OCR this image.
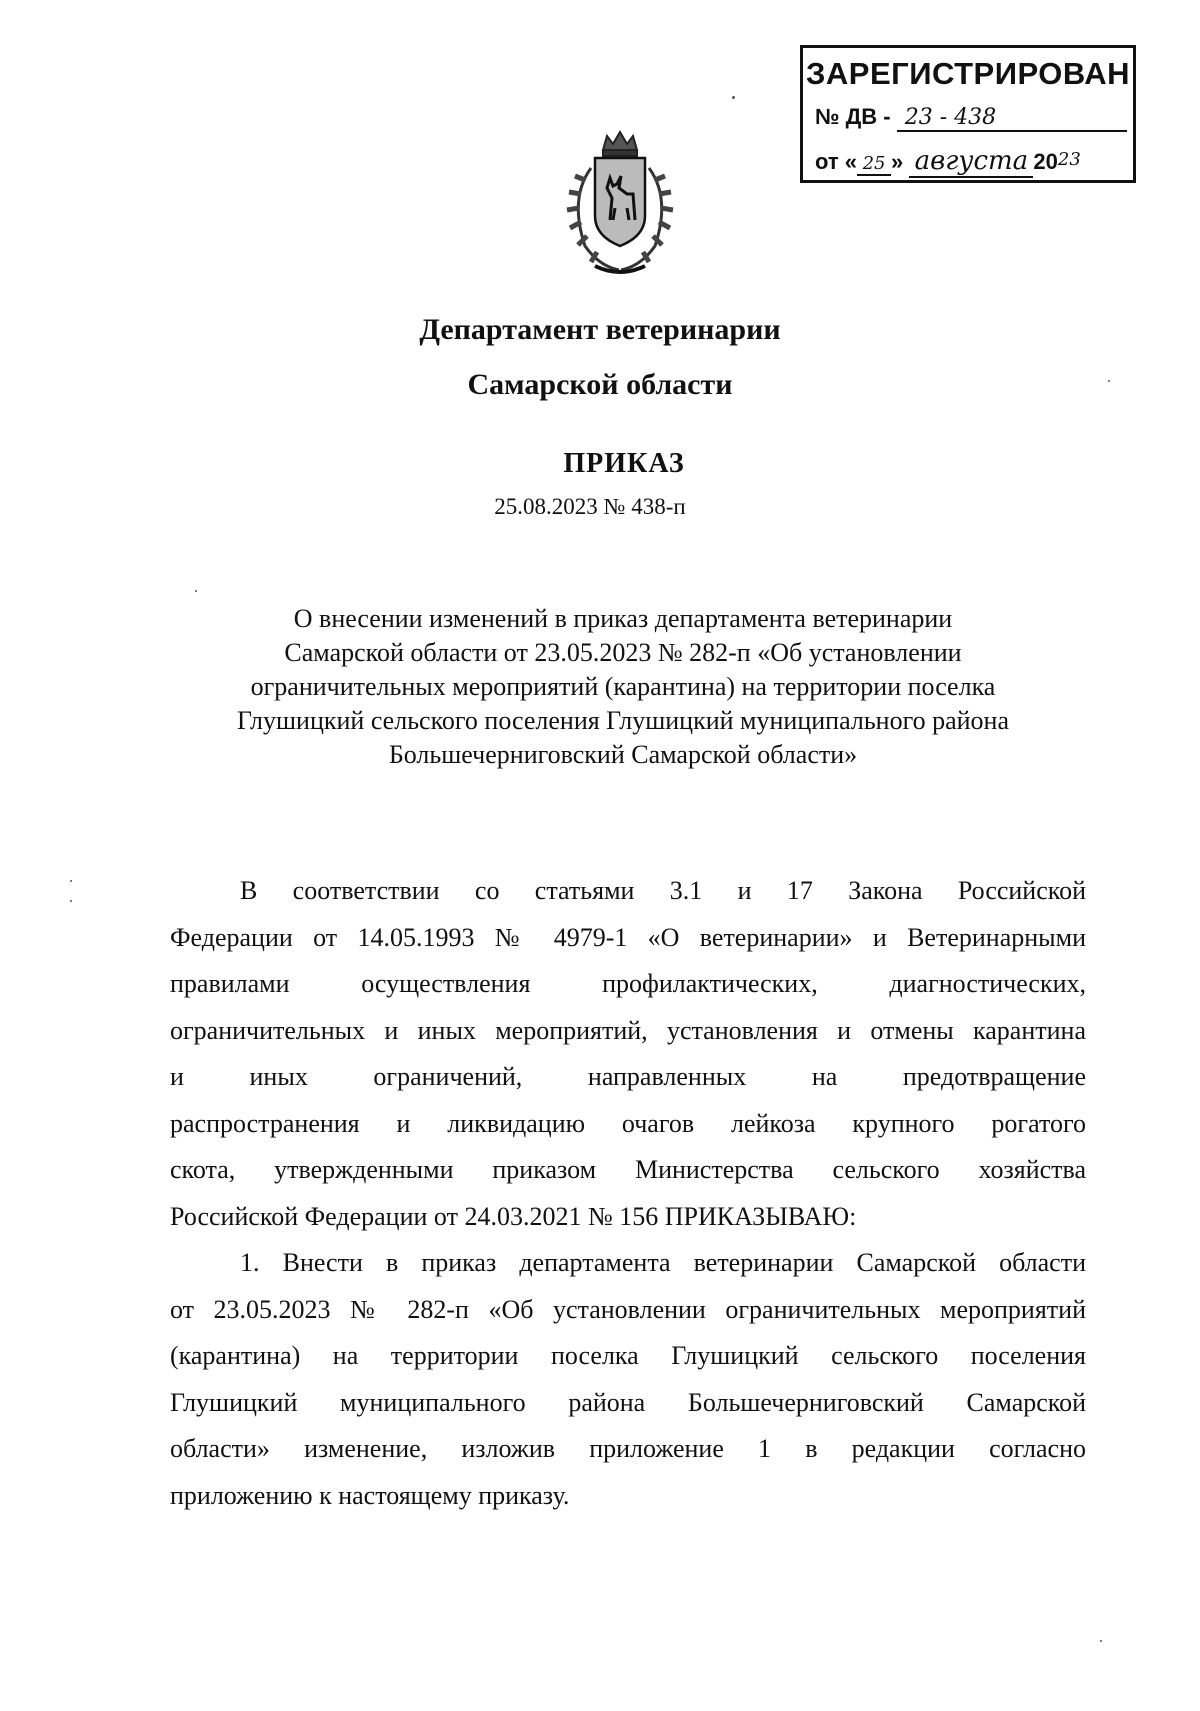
ЗАРЕГИСТРИРОВАН
№ ДВ - 23 - 438
от « 25 » августа 2023
Департамент ветеринарии
Самарской области
ПРИКАЗ
25.08.2023 № 438-п
О внесении изменений в приказ департамента ветеринарии
Самарской области от 23.05.2023 № 282-п «Об установлении
ограничительных мероприятий (карантина) на территории поселка
Глушицкий сельского поселения Глушицкий муниципального района
Большечерниговский Самарской области»
В соответствии со статьями 3.1 и 17 Закона Российской
Федерации от 14.05.1993 № 4979-1 «О ветеринарии» и Ветеринарными
правилами осуществления профилактических, диагностических,
ограничительных и иных мероприятий, установления и отмены карантина
и иных ограничений, направленных на предотвращение
распространения и ликвидацию очагов лейкоза крупного рогатого
скота, утвержденными приказом Министерства сельского хозяйства
Российской Федерации от 24.03.2021 № 156 ПРИКАЗЫВАЮ:
1. Внести в приказ департамента ветеринарии Самарской области
от 23.05.2023 № 282-п «Об установлении ограничительных мероприятий
(карантина) на территории поселка Глушицкий сельского поселения
Глушицкий муниципального района Большечерниговский Самарской
области» изменение, изложив приложение 1 в редакции согласно
приложению к настоящему приказу.
